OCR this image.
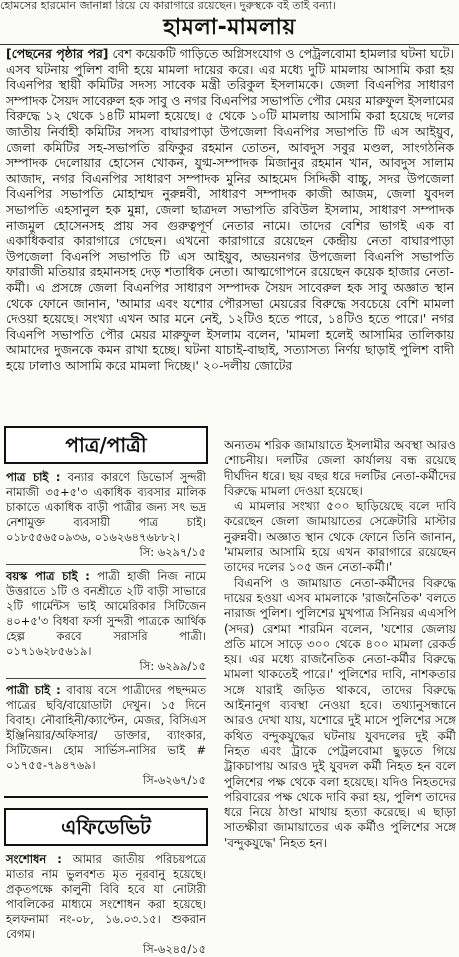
হোমসের হারমোন জানান্না রিয়ে যে কারাগারে রয়েছেন। দুরুস্থকে বই তাই বন্যা।
হামলা-মামলায়
[পেছনের পৃষ্ঠার পর] বেশ কয়েকটি গাড়িতে অগ্নিসংযোগ ও পেট্রলবোমা হামলার ঘটনা ঘটে। এসব ঘটনায় পুলিশ বাদী হয়ে মামলা দায়ের করে। এর মধ্যে দুটি মামলায় আসামি করা হয় বিএনপির স্থায়ী কমিটির সদস্য সাবেক মন্ত্রী তরিকুল ইসলামকে। জেলা বিএনপির সাধারণ সম্পাদক সৈয়দ সাবেরুল হক সাবু ও নগর বিএনপির সভাপতি পৌর মেয়র মারুফুল ইসলামের বিরুদ্ধে ১২ থেকে ১৪টি মামলা হয়েছে। ৫ থেকে ১০টি মামলায় আসামি করা হয়েছে দলের জাতীয় নির্বাহী কমিটির সদস্য বাঘারপাড়া উপজেলা বিএনপির সভাপতি টি এস আইয়ুব, জেলা কমিটির সহ-সভাপতি রফিকুর রহমান তোতন, আবদুস সবুর মণ্ডল, সাংগঠনিক সম্পাদক দেলোয়ার হোসেন খোকন, যুগ্ম-সম্পাদক মিজানুর রহমান খান, আবদুস সালাম আজাদ, নগর বিএনপির সাধারণ সম্পাদক মুনির আহমেদ সিদ্দিকী বাচ্চু, সদর উপজেলা বিএনপির সভাপতি মোহাম্মদ নুরুন্নবী, সাধারণ সম্পাদক কাজী আজম, জেলা যুবদল সভাপতি এহসানুল হক মুন্না, জেলা ছাত্রদল সভাপতি রবিউল ইসলাম, সাধারণ সম্পাদক নাজমুল হোসেনসহ প্রায় সব গুরুত্বপূর্ণ নেতার নামে। তাদের বেশির ভাগই এক বা একাধিকবার কারাগারে গেছেন। এখনো কারাগারে রয়েছেন কেন্দ্রীয় নেতা বাঘারপাড়া উপজেলা বিএনপি সভাপতি টি এস আইয়ুব, অভয়নগর উপজেলা বিএনপি সভাপতি ফারাজী মতিয়ার রহমানসহ দেড় শতাধিক নেতা। আত্মগোপনে রয়েছেন কয়েক হাজার নেতা-কর্মী। এ প্রসঙ্গে জেলা বিএনপির সাধারণ সম্পাদক সৈয়দ সাবেরুল হক সাবু অজ্ঞাত স্থান থেকে ফোনে জানান, 'আমার এবং যশোর পৌরসভা মেয়রের বিরুদ্ধে সবচেয়ে বেশি মামলা দেওয়া হয়েছে। সংখ্যা এখন আর মনে নেই, ১২টিও হতে পারে, ১৪টিও হতে পারে।' নগর বিএনপি সভাপতি পৌর মেয়র মারুফুল ইসলাম বলেন, 'মামলা হলেই আসামির তালিকায় আমাদের দুজনকে কমন রাখা হচ্ছে। ঘটনা যাচাই-বাছাই, সত্যাসত্য নির্ণয় ছাড়াই পুলিশ বাদী হয়ে ঢালাও আসামি করে মামলা দিচ্ছে।' ২০-দলীয় জোটের

অন্যতম শরিক জামায়াতে ইসলামীর অবস্থা আরও শোচনীয়। দলটির জেলা কার্যালয় বন্ধ রয়েছে দীর্ঘদিন ধরে। ছয় বছর ধরে দলটির নেতা-কর্মীদের বিরুদ্ধে মামলা দেওয়া হয়েছে।

এ মামলার সংখ্যা ৫০০ ছাড়িয়েছে বলে দাবি করেছেন জেলা জামায়াতের সেক্রেটারি মাস্টার নুরুন্নবী। অজ্ঞাত স্থান থেকে ফোনে তিনি জানান, 'মামলার আসামি হয়ে এখন কারাগারে রয়েছেন তাদের দলের ১০৫ জন নেতা-কর্মী।'

বিএনপি ও জামায়াত নেতা-কর্মীদের বিরুদ্ধে দায়ের হওয়া এসব মামলাকে 'রাজনৈতিক' বলতে নারাজ পুলিশ। পুলিশের মুখপাত্র সিনিয়র এএসপি (সদর) রেশমা শারমিন বলেন, 'যশোর জেলায় প্রতি মাসে সাড়ে ৩০০ থেকে ৪০০ মামলা রেকর্ড হয়। এর মধ্যে রাজনৈতিক নেতা-কর্মীর বিরুদ্ধে মামলা থাকতেই পারে।' পুলিশের দাবি, নাশকতার সঙ্গে যারাই জড়িত থাকবে, তাদের বিরুদ্ধে আইনানুগ ব্যবস্থা নেওয়া হবে। তথ্যানুসন্ধানে আরও দেখা যায়, যশোরে দুই মাসে পুলিশের সঙ্গে কথিত বন্দুকযুদ্ধের ঘটনায় যুবদলের দুই কর্মী নিহত এবং ট্রাকে পেট্রলবোমা ছুড়তে গিয়ে ট্রাকচাপায় আরও দুই যুবদল কর্মী নিহত হন বলে পুলিশের পক্ষ থেকে বলা হয়েছে। যদিও নিহতদের পরিবারের পক্ষ থেকে দাবি করা হয়, পুলিশ তাদের ধরে নিয়ে ঠাণ্ডা মাথায় হত্যা করেছে। এ ছাড়া সাতক্ষীরা জামায়াতের এক কর্মীও পুলিশের সঙ্গে 'বন্দুকযুদ্ধে' নিহত হন।

পাত্র/পাত্রী
পাত্র চাই : বন্যার কারণে ডিভোর্স সুন্দরী নামাজী ৩৫+৫'৩ একাধিক ব্যবসার মালিক চাকাতে একাধিক বাড়ী পাত্রীর জন্য সৎ ভদ্র নেশামুক্ত ব্যবসায়ী পাত্র চাই। ০১৮৫৫৬৫০৯৩৬, ০১৬২৬৪৭৬৮৮২।
সি: ৬২৯৭/১৫
বয়স্ক পাত্র চাই : পাত্রী হাজী নিজ নামে উত্তরাতে ১টি ও বনশ্রীতে ২টি বাড়ী সাভারে ২টি গার্মেন্টস ভাই আমেরিকার সিটিজেন ৪০+৫'৩ বিধবা ফর্সা সুন্দরী পাত্রকে আর্থিক হেল্প করবে সরাসরি পাত্রী। ০১৭১৬২৮৫৬১৯।
সি: ৬২৯৯/১৫
পাত্রী চাই : বাবায় বসে পাত্রীদের পছন্দমত পাত্রের ছবি/বায়োডাটা দেখুন। ১৫ দিনে বিবাহ। নৌবাহিনী/ক্যাপ্টেন, মেজর, বিসিএস ইঞ্জিনিয়ার/অফিসার/ ডাক্তার, ব্যাংকার, সিটিজেন। হোম সার্ভিস-নাসির ভাই # ০১৭৫৫-৭৯৪৭৬৯।
সি-৬২৬৭/১৫
এফিডেভিট
সংশোধন : আমার জাতীয় পরিচয়পত্রে মাতার নাম ভুলবশত মৃত নূরবানু হয়েছে। প্রকৃতপক্ষে কালুনী বিবি হবে যা নোটারী পাবলিকের মাধ্যমে সংশোধন করা হয়েছে। হলফনামা নং-০৮, ১৬.০৩.১৫। শুকরান বেগম।
সি-৬২৪৫/১৫
